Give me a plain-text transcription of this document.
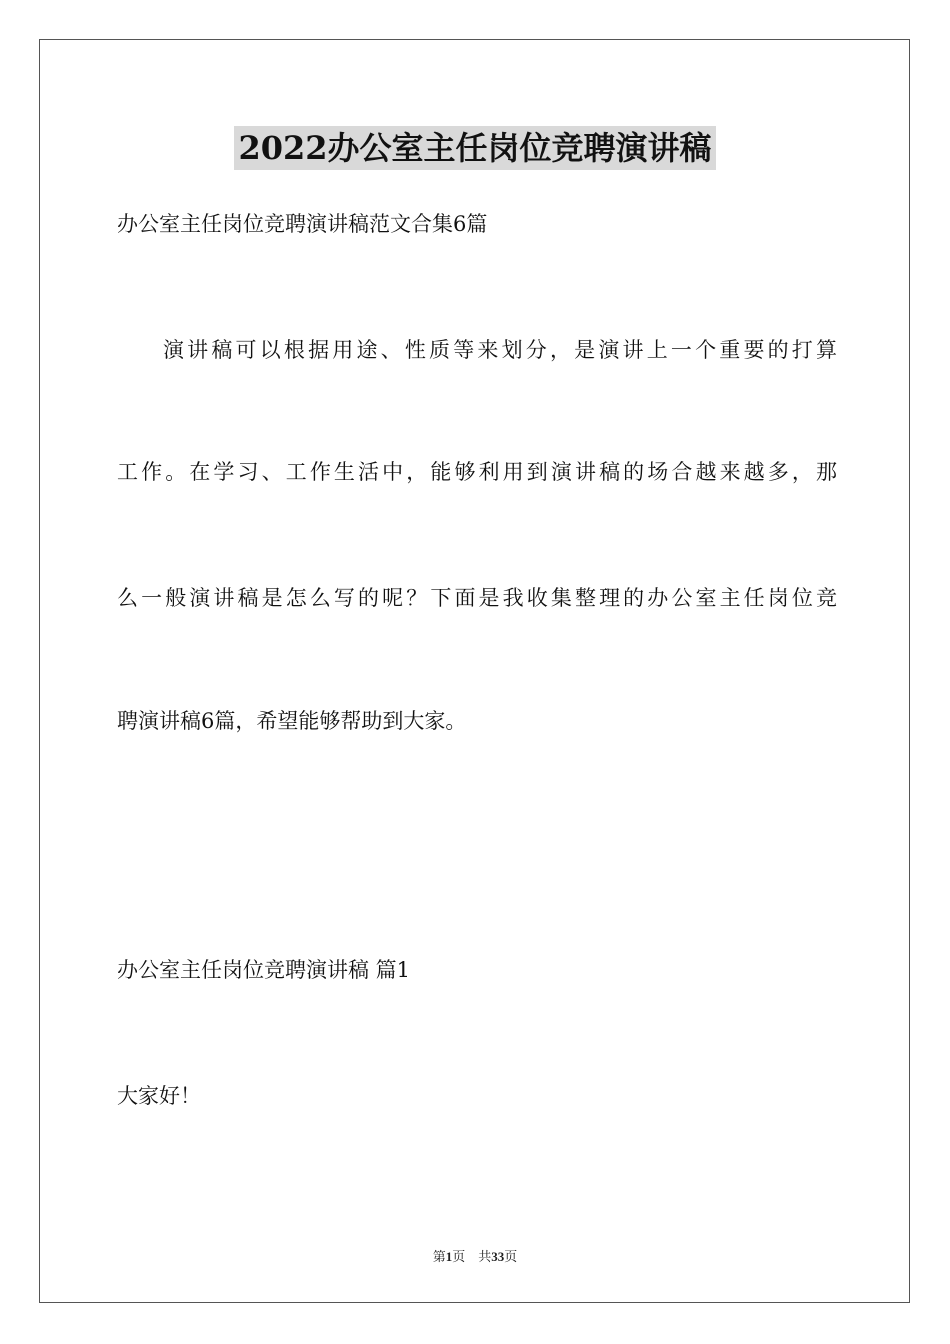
2022办公室主任岗位竞聘演讲稿
办公室主任岗位竞聘演讲稿范文合集6篇
演讲稿可以根据用途、性质等来划分，是演讲上一个重要的打算
工作。在学习、工作生活中，能够利用到演讲稿的场合越来越多，那
么一般演讲稿是怎么写的呢？下面是我收集整理的办公室主任岗位竞
聘演讲稿6篇，希望能够帮助到大家。
办公室主任岗位竞聘演讲稿 篇1
大家好！
第1页　共33页
